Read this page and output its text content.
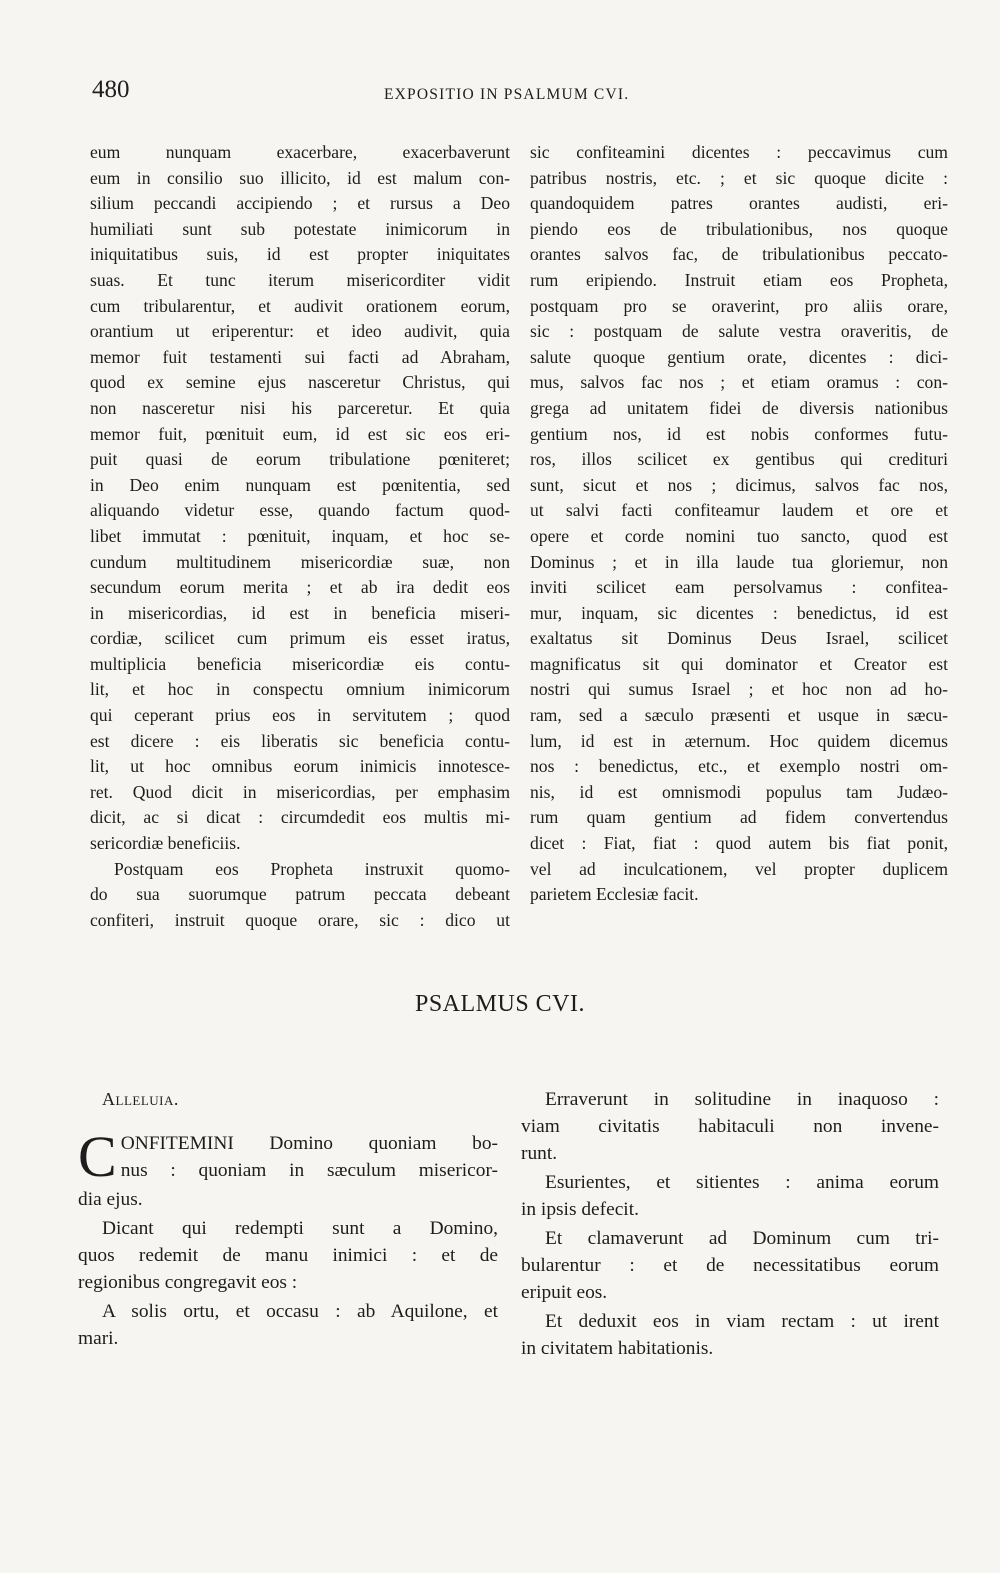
480	EXPOSITIO IN PSALMUM CVI.
eum nunquam exacerbare, exacerbaverunt
eum in consilio suo illicito, id est malum con-
silium peccandi accipiendo ; et rursus a Deo
humiliati sunt sub potestate inimicorum in
iniquitatibus suis, id est propter iniquitates
suas. Et tunc iterum misericorditer vidit
cum tribularentur, et audivit orationem eorum,
orantium ut eriperentur: et ideo audivit, quia
memor fuit testamenti sui facti ad Abraham,
quod ex semine ejus nasceretur Christus, qui
non nasceretur nisi his parceretur. Et quia
memor fuit, pœnituit eum, id est sic eos eri-
puit quasi de eorum tribulatione pœniteret;
in Deo enim nunquam est pœnitentia, sed
aliquando videtur esse, quando factum quod-
libet immutat : pœnituit, inquam, et hoc se-
cundum multitudinem misericordiæ suæ, non
secundum eorum merita ; et ab ira dedit eos
in misericordias, id est in beneficia miseri-
cordiæ, scilicet cum primum eis esset iratus,
multiplicia beneficia misericordiæ eis contu-
lit, et hoc in conspectu omnium inimicorum
qui ceperant prius eos in servitutem ; quod
est dicere : eis liberatis sic beneficia contu-
lit, ut hoc omnibus eorum inimicis innotesce-
ret. Quod dicit in misericordias, per emphasim
dicit, ac si dicat : circumdedit eos multis mi-
sericordiæ beneficiis.
Postquam eos Propheta instruxit quomo-
do sua suorumque patrum peccata debeant
confiteri, instruit quoque orare, sic : dico ut
sic confiteamini dicentes : peccavimus cum
patribus nostris, etc. ; et sic quoque dicite :
quandoquidem patres orantes audisti, eri-
piendo eos de tribulationibus, nos quoque
orantes salvos fac, de tribulationibus peccato-
rum eripiendo. Instruit etiam eos Propheta,
postquam pro se oraverint, pro aliis orare,
sic : postquam de salute vestra oraveritis, de
salute quoque gentium orate, dicentes : dici-
mus, salvos fac nos ; et etiam oramus : con-
grega ad unitatem fidei de diversis nationibus
gentium nos, id est nobis conformes futu-
ros, illos scilicet ex gentibus qui credituri
sunt, sicut et nos ; dicimus, salvos fac nos,
ut salvi facti confiteamur laudem et ore et
opere et corde nomini tuo sancto, quod est
Dominus ; et in illa laude tua gloriemur, non
inviti scilicet eam persolvamus : confitea-
mur, inquam, sic dicentes : benedictus, id est
exaltatus sit Dominus Deus Israel, scilicet
magnificatus sit qui dominator et Creator est
nostri qui sumus Israel ; et hoc non ad ho-
ram, sed a sæculo præsenti et usque in sæcu-
lum, id est in æternum. Hoc quidem dicemus
nos : benedictus, etc., et exemplo nostri om-
nis, id est omnismodi populus tam Judæo-
rum quam gentium ad fidem convertendus
dicet : Fiat, fiat : quod autem bis fiat ponit,
vel ad inculcationem, vel propter duplicem
parietem Ecclesiæ facit.
PSALMUS CVI.
Alleluia.
C ONFITEMINI Domino quoniam bo-
nus : quoniam in sæculum misericor-
dia ejus.
Dicant qui redempti sunt a Domino,
quos redemit de manu inimici : et de
regionibus congregavit eos :
A solis ortu, et occasu : ab Aquilone, et
mari.
Erraverunt in solitudine in inaquoso :
viam civitatis habitaculi non invene-
runt.
Esurientes, et sitientes : anima eorum
in ipsis defecit.
Et clamaverunt ad Dominum cum tri-
bularentur : et de necessitatibus eorum
eripuit eos.
Et deduxit eos in viam rectam : ut irent
in civitatem habitationis.
